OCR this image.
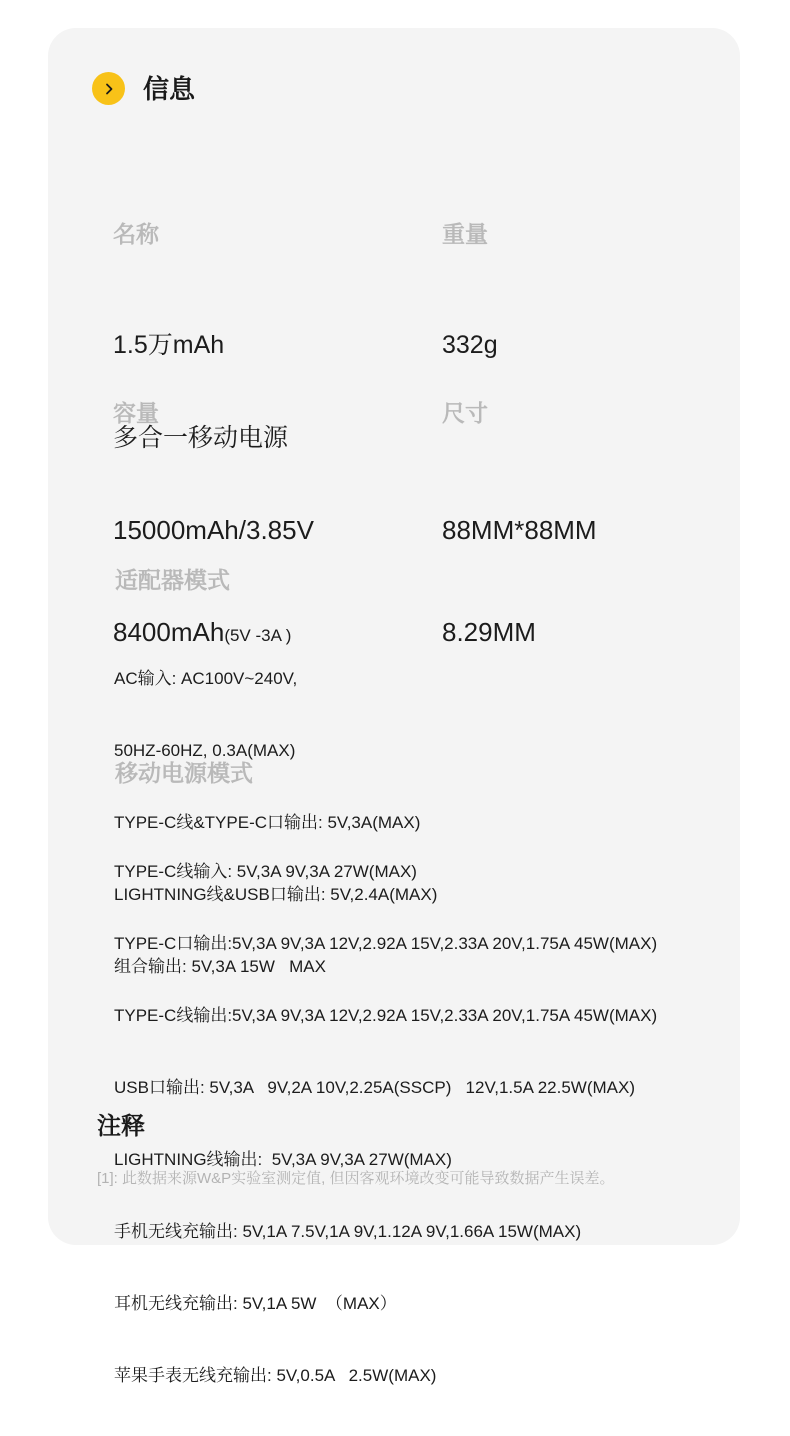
信息
名称

1.5万mAh

多合一移动电源

重量

332g

容量

15000mAh/3.85V

8400mAh(5V -3A )

尺寸

88MM*88MM

8.29MM

适配器模式

AC输入: AC100V~240V,

50HZ-60HZ, 0.3A(MAX)

TYPE-C线&TYPE-C口输出: 5V,3A(MAX)

LIGHTNING线&USB口输出: 5V,2.4A(MAX)

组合输出: 5V,3A 15W   MAX

移动电源模式

TYPE-C线输入: 5V,3A 9V,3A 27W(MAX)

TYPE-C口输出:5V,3A 9V,3A 12V,2.92A 15V,2.33A 20V,1.75A 45W(MAX)

TYPE-C线输出:5V,3A 9V,3A 12V,2.92A 15V,2.33A 20V,1.75A 45W(MAX)

USB口输出: 5V,3A   9V,2A 10V,2.25A(SSCP)   12V,1.5A 22.5W(MAX)

LIGHTNING线输出:  5V,3A 9V,3A 27W(MAX)

手机无线充输出: 5V,1A 7.5V,1A 9V,1.12A 9V,1.66A 15W(MAX)

耳机无线充输出: 5V,1A 5W  （MAX）

苹果手表无线充输出: 5V,0.5A   2.5W(MAX)

注释
[1]: 此数据来源W&P实验室测定值, 但因客观环境改变可能导致数据产生误差。
